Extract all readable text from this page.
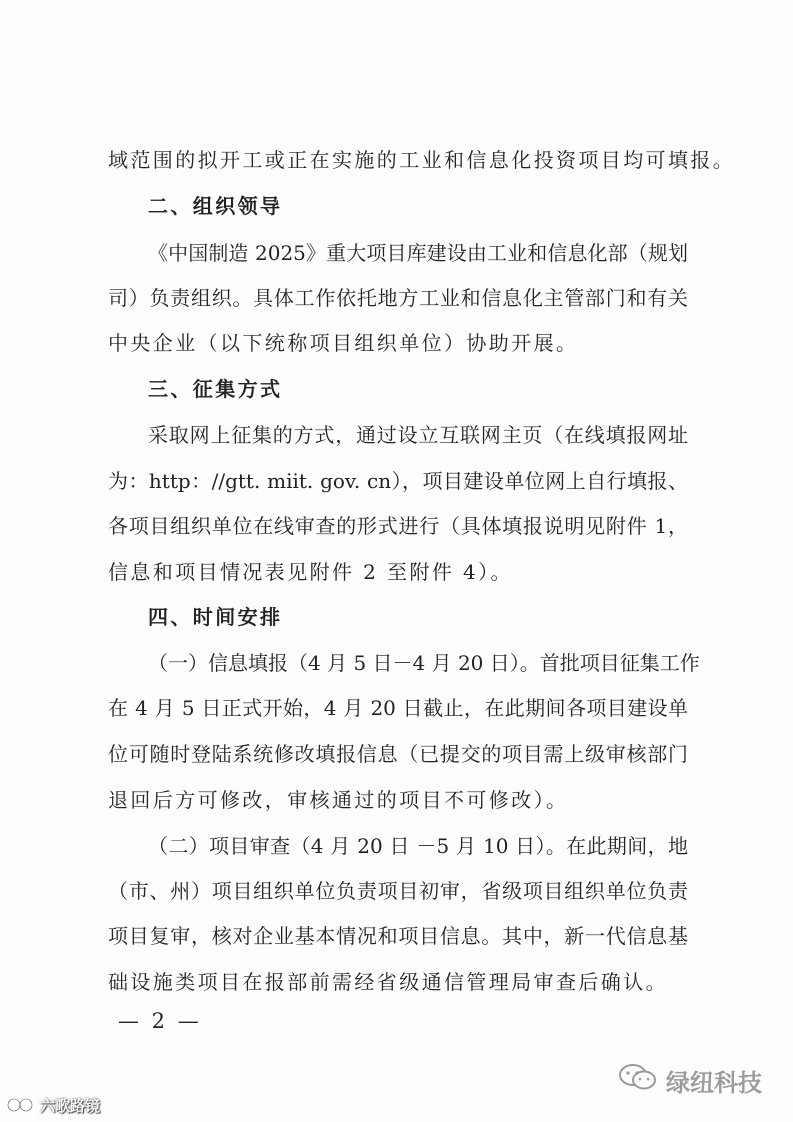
域范围的拟开工或正在实施的工业和信息化投资项目均可填报。
二、组织领导
《中国制造 2025》重大项目库建设由工业和信息化部（规划
司）负责组织。具体工作依托地方工业和信息化主管部门和有关
中央企业（以下统称项目组织单位）协助开展。
三、征集方式
采取网上征集的方式，通过设立互联网主页（在线填报网址
为：http：//gtt. miit. gov. cn），项目建设单位网上自行填报、
各项目组织单位在线审查的形式进行（具体填报说明见附件 1，
信息和项目情况表见附件 2 至附件 4）。
四、时间安排
（一）信息填报（4 月 5 日－4 月 20 日）。首批项目征集工作
在 4 月 5 日正式开始，4 月 20 日截止，在此期间各项目建设单
位可随时登陆系统修改填报信息（已提交的项目需上级审核部门
退回后方可修改，审核通过的项目不可修改）。
（二）项目审查（4 月 20 日 －5 月 10 日）。在此期间，地
（市、州）项目组织单位负责项目初审，省级项目组织单位负责
项目复审，核对企业基本情况和项目信息。其中，新一代信息基
础设施类项目在报部前需经省级通信管理局审查后确认。
— 2 —
绿纽科技
六歌路镜
